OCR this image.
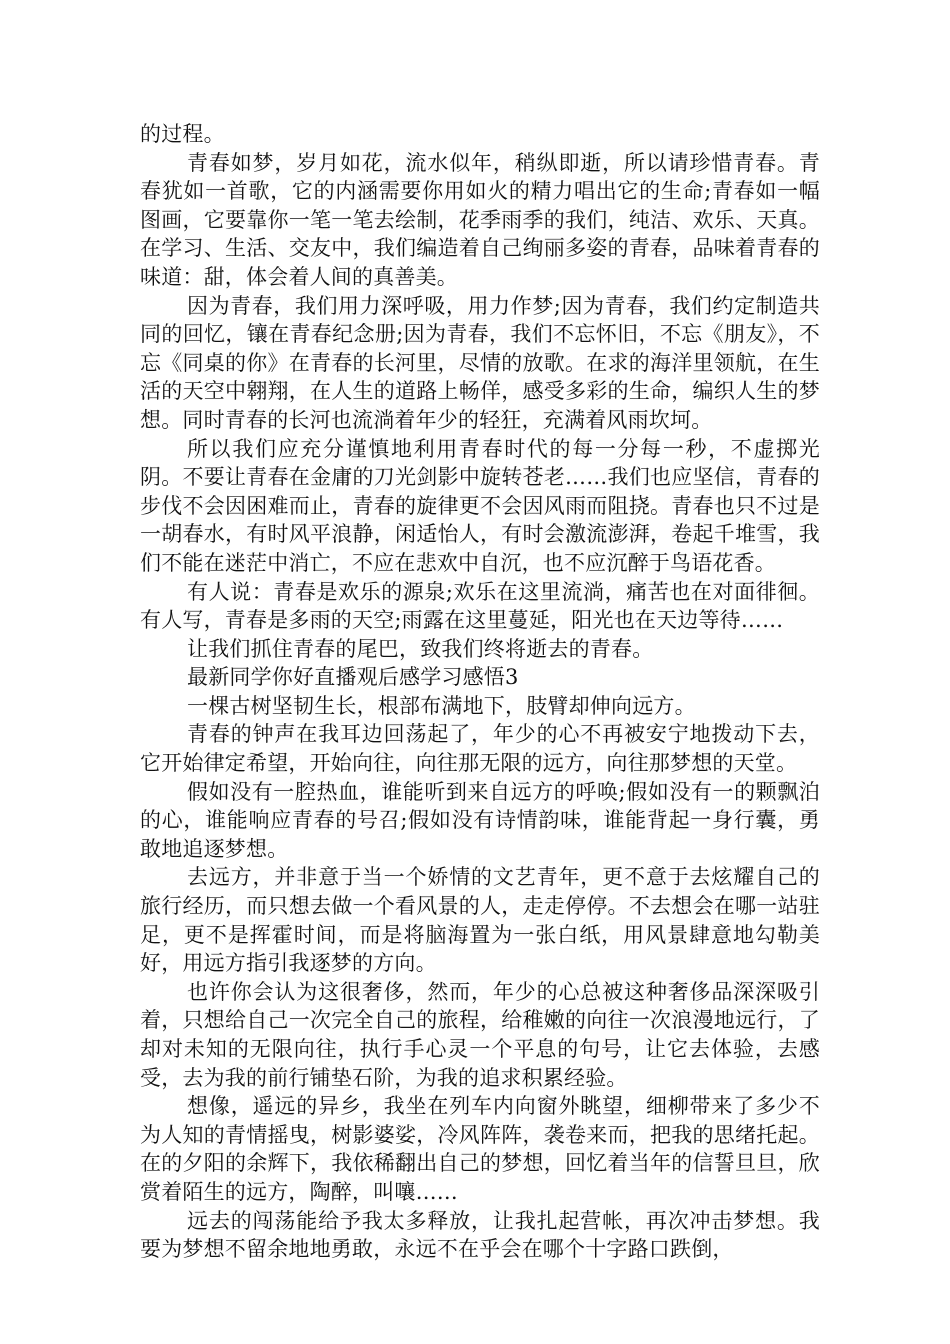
的过程。

青春如梦，岁月如花，流水似年，稍纵即逝，所以请珍惜青春。青春犹如一首歌，它的内涵需要你用如火的精力唱出它的生命;青春如一幅图画，它要靠你一笔一笔去绘制，花季雨季的我们，纯洁、欢乐、天真。在学习、生活、交友中，我们编造着自己绚丽多姿的青春，品味着青春的味道：甜，体会着人间的真善美。

因为青春，我们用力深呼吸，用力作梦;因为青春，我们约定制造共同的回忆，镶在青春纪念册;因为青春，我们不忘怀旧，不忘《朋友》，不忘《同桌的你》在青春的长河里，尽情的放歌。在求的海洋里领航，在生活的天空中翱翔，在人生的道路上畅佯，感受多彩的生命，编织人生的梦想。同时青春的长河也流淌着年少的轻狂，充满着风雨坎坷。

所以我们应充分谨慎地利用青春时代的每一分每一秒，不虚掷光阴。不要让青春在金庸的刀光剑影中旋转苍老……我们也应坚信，青春的步伐不会因困难而止，青春的旋律更不会因风雨而阻挠。青春也只不过是一胡春水，有时风平浪静，闲适怡人，有时会激流澎湃，卷起千堆雪，我们不能在迷茫中消亡，不应在悲欢中自沉，也不应沉醉于鸟语花香。

有人说：青春是欢乐的源泉;欢乐在这里流淌，痛苦也在对面徘徊。有人写，青春是多雨的天空;雨露在这里蔓延，阳光也在天边等待……

让我们抓住青春的尾巴，致我们终将逝去的青春。

最新同学你好直播观后感学习感悟3

一棵古树坚韧生长，根部布满地下，肢臂却伸向远方。

青春的钟声在我耳边回荡起了，年少的心不再被安宁地拨动下去，它开始律定希望，开始向往，向往那无限的远方，向往那梦想的天堂。

假如没有一腔热血，谁能听到来自远方的呼唤;假如没有一的颗飘泊的心，谁能响应青春的号召;假如没有诗情韵味，谁能背起一身行囊，勇敢地追逐梦想。

去远方，并非意于当一个娇情的文艺青年，更不意于去炫耀自己的旅行经历，而只想去做一个看风景的人，走走停停。不去想会在哪一站驻足，更不是挥霍时间，而是将脑海置为一张白纸，用风景肆意地勾勒美好，用远方指引我逐梦的方向。

也许你会认为这很奢侈，然而，年少的心总被这种奢侈品深深吸引着，只想给自己一次完全自己的旅程，给稚嫩的向往一次浪漫地远行，了却对未知的无限向往，执行手心灵一个平息的句号，让它去体验，去感受，去为我的前行铺垫石阶，为我的追求积累经验。

想像，遥远的异乡，我坐在列车内向窗外眺望，细柳带来了多少不为人知的青情摇曳，树影婆娑，冷风阵阵，袭卷来而，把我的思绪托起。在的夕阳的余辉下，我依稀翻出自己的梦想，回忆着当年的信誓旦旦，欣赏着陌生的远方，陶醉，叫嚷……

远去的闯荡能给予我太多释放，让我扎起营帐，再次冲击梦想。我要为梦想不留余地地勇敢，永远不在乎会在哪个十字路口跌倒，
